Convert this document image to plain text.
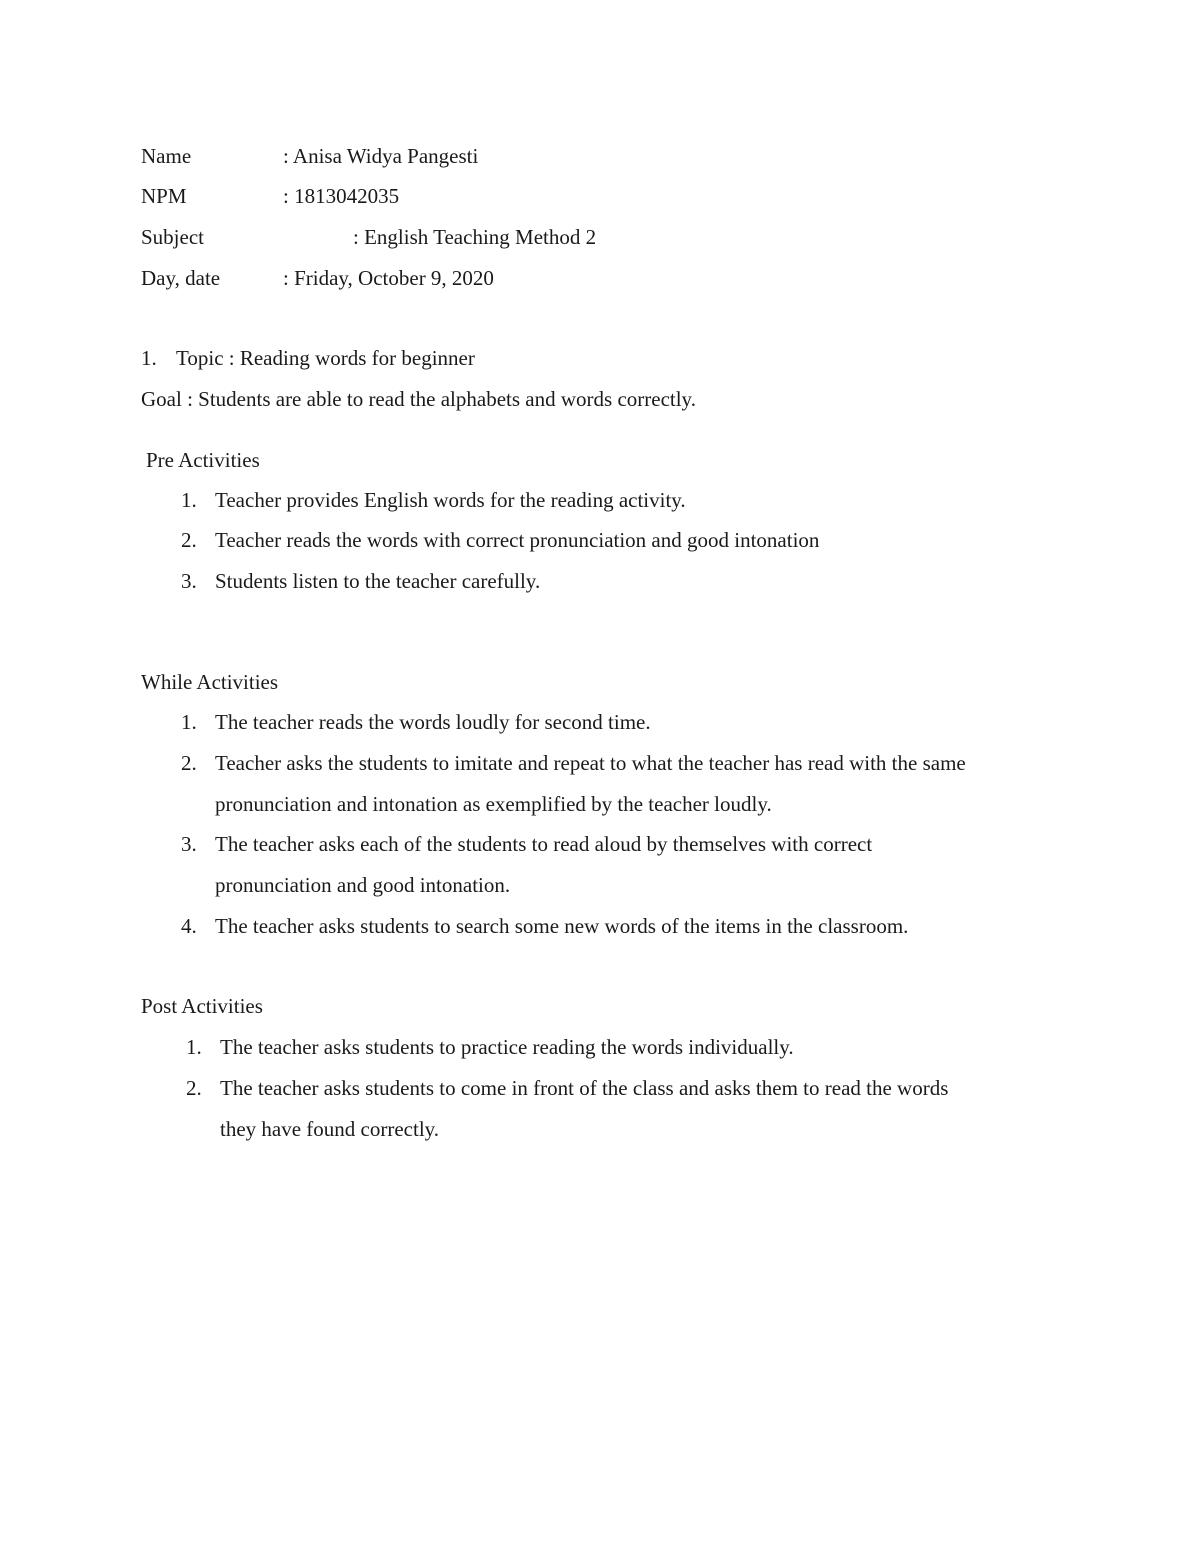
Name	: Anisa Widya Pangesti
NPM	: 1813042035
Subject	: English Teaching Method 2
Day, date	: Friday, October 9, 2020
1. Topic : Reading words for beginner
Goal : Students are able to read the alphabets and words correctly.
Pre Activities
1. Teacher provides English words for the reading activity.
2. Teacher reads the words with correct pronunciation and good intonation
3. Students listen to the teacher carefully.
While Activities
1. The teacher reads the words loudly for second time.
2. Teacher asks the students to imitate and repeat to what the teacher has read with the same
pronunciation and intonation as exemplified by the teacher loudly.
3. The teacher asks each of the students to read aloud by themselves with correct
pronunciation and good intonation.
4. The teacher asks students to search some new words of the items in the classroom.
Post Activities
1. The teacher asks students to practice reading the words individually.
2. The teacher asks students to come in front of the class and asks them to read the words
they have found correctly.
